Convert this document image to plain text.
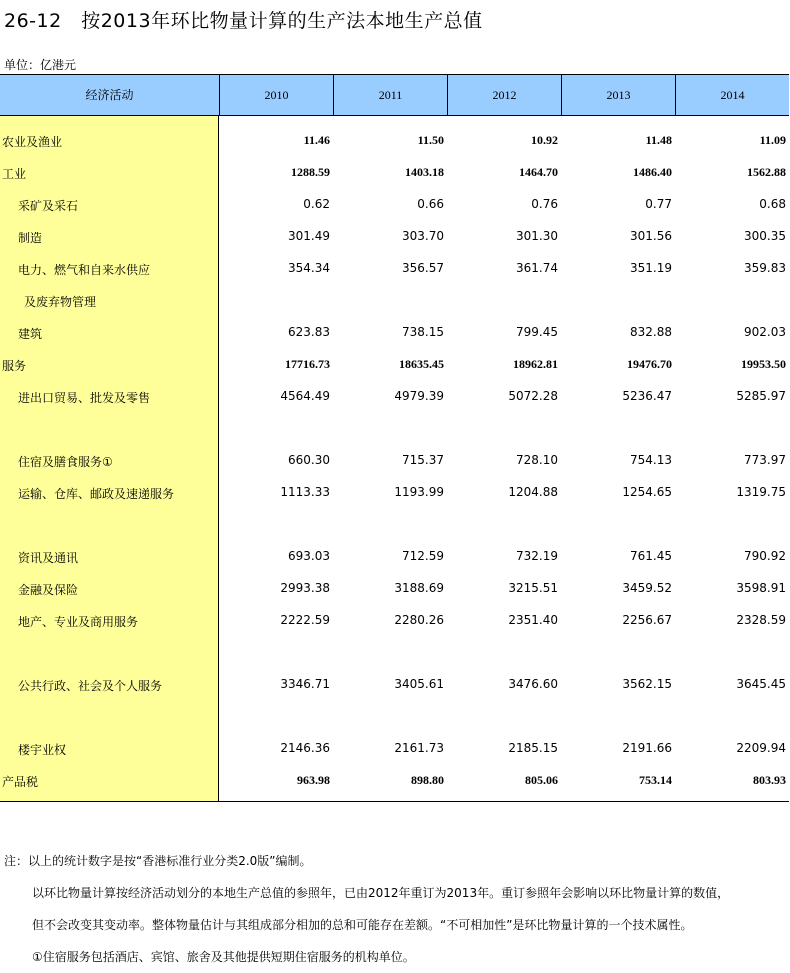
26-12　按2013年环比物量计算的生产法本地生产总值
单位：亿港元
经济活动	2010	2011	2012	2013	2014
农业及渔业	11.46	11.50	10.92	11.48	11.09
工业	1288.59	1403.18	1464.70	1486.40	1562.88
采矿及采石	0.62	0.66	0.76	0.77	0.68
制造	301.49	303.70	301.30	301.56	300.35
电力、燃气和自来水供应	354.34	356.57	361.74	351.19	359.83
及废弃物管理
建筑	623.83	738.15	799.45	832.88	902.03
服务	17716.73	18635.45	18962.81	19476.70	19953.50
进出口贸易、批发及零售	4564.49	4979.39	5072.28	5236.47	5285.97
住宿及膳食服务①	660.30	715.37	728.10	754.13	773.97
运输、仓库、邮政及速递服务	1113.33	1193.99	1204.88	1254.65	1319.75
资讯及通讯	693.03	712.59	732.19	761.45	790.92
金融及保险	2993.38	3188.69	3215.51	3459.52	3598.91
地产、专业及商用服务	2222.59	2280.26	2351.40	2256.67	2328.59
公共行政、社会及个人服务	3346.71	3405.61	3476.60	3562.15	3645.45
楼宇业权	2146.36	2161.73	2185.15	2191.66	2209.94
产品税	963.98	898.80	805.06	753.14	803.93
注：以上的统计数字是按“香港标准行业分类2.0版”编制。
以环比物量计算按经济活动划分的本地生产总值的参照年，已由2012年重订为2013年。重订参照年会影响以环比物量计算的数值，
但不会改变其变动率。整体物量估计与其组成部分相加的总和可能存在差额。“不可相加性”是环比物量计算的一个技术属性。
①住宿服务包括酒店、宾馆、旅舍及其他提供短期住宿服务的机构单位。
